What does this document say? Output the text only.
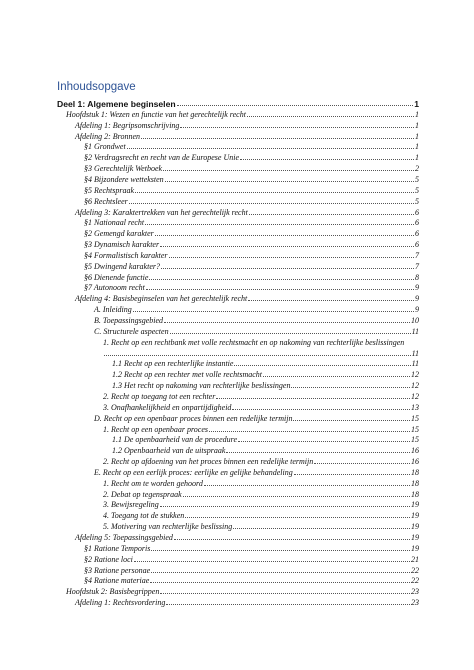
Inhoudsopgave
Deel 1: Algemene beginselen	1
Hoofdstuk 1: Wezen en functie van het gerechtelijk recht	1
Afdeling 1: Begripsomschrijving	1
Afdeling 2: Bronnen	1
§1 Grondwet	1
§2 Verdragsrecht en recht van de Europese Unie	1
§3 Gerechtelijk Wetboek	2
§4 Bijzondere wetteksten	5
§5 Rechtspraak	5
§6 Rechtsleer	5
Afdeling 3: Karaktertrekken van het gerechtelijk recht	6
§1 Nationaal recht	6
§2 Gemengd karakter	6
§3 Dynamisch karakter	6
§4 Formalistisch karakter	7
§5 Dwingend karakter?	7
§6 Dienende functie	8
§7 Autonoom recht	9
Afdeling 4: Basisbeginselen van het gerechtelijk recht	9
A. Inleiding	9
B. Toepassingsgebied	10
C. Structurele aspecten	11
1. Recht op een rechtbank met volle rechtsmacht en op nakoming van rechterlijke beslissingen
11
1.1 Recht op een rechterlijke instantie	11
1.2 Recht op een rechter met volle rechtsmacht	12
1.3 Het recht op nakoming van rechterlijke beslissingen	12
2. Recht op toegang tot een rechter	12
3. Onafhankelijkheid en onpartijdigheid	13
D. Recht op een openbaar proces binnen een redelijke termijn	15
1. Recht op een openbaar proces	15
1.1 De openbaarheid van de procedure	15
1.2 Openbaarheid van de uitspraak	16
2. Recht op afdoening van het proces binnen een redelijke termijn	16
E. Recht op een eerlijk proces: eerlijke en gelijke behandeling	18
1. Recht om te worden gehoord	18
2. Debat op tegenspraak	18
3. Bewijsregeling	19
4. Toegang tot de stukken	19
5. Motivering van rechterlijke beslissing	19
Afdeling 5: Toepassingsgebied	19
§1 Ratione Temporis	19
§2 Ratione loci	21
§3 Ratione personae	22
§4 Ratione materiae	22
Hoofdstuk 2: Basisbegrippen	23
Afdeling 1: Rechtsvordering	23
